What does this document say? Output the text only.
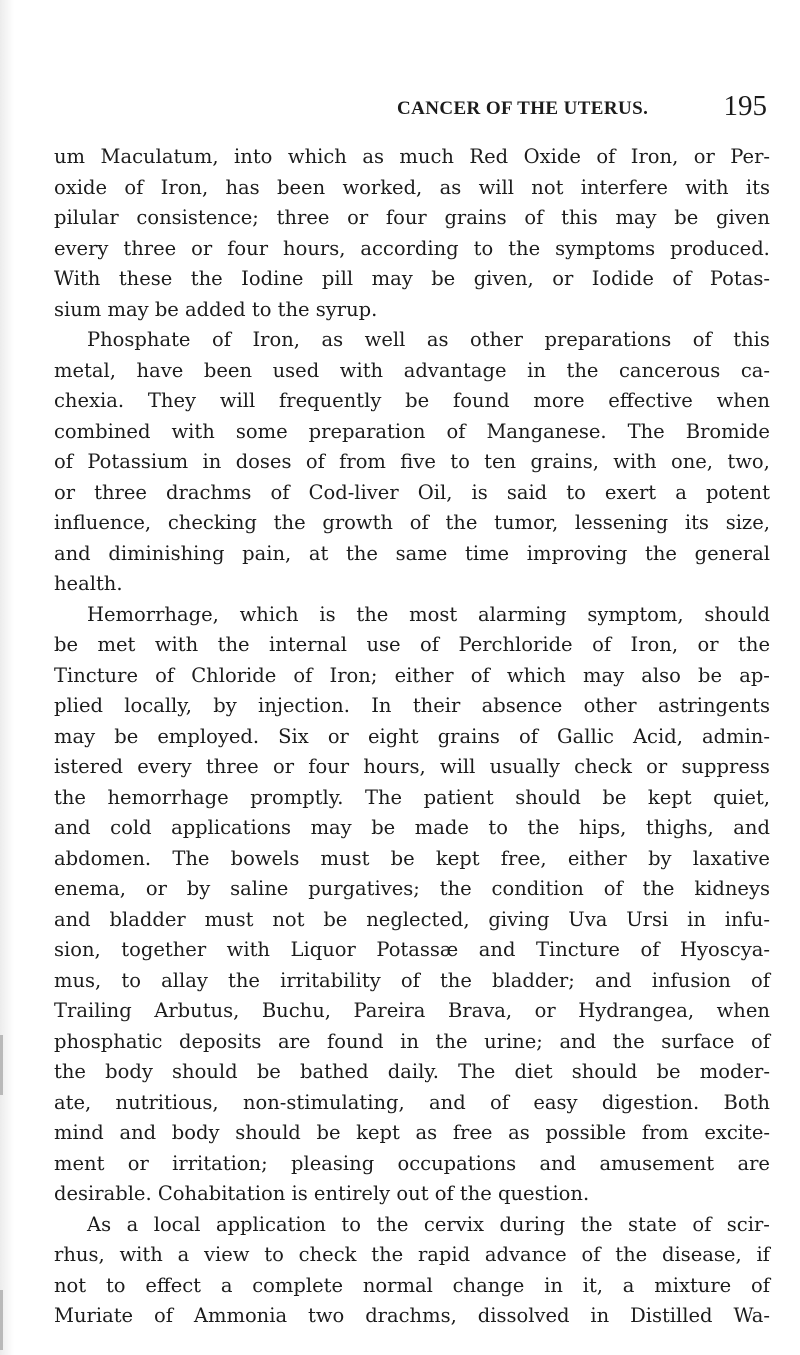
CANCER OF THE UTERUS.	195
um Maculatum, into which as much Red Oxide of Iron, or Per-
oxide of Iron, has been worked, as will not interfere with its
pilular consistence; three or four grains of this may be given
every three or four hours, according to the symptoms produced.
With these the Iodine pill may be given, or Iodide of Potas-
sium may be added to the syrup.
Phosphate of Iron, as well as other preparations of this
metal, have been used with advantage in the cancerous ca-
chexia. They will frequently be found more effective when
combined with some preparation of Manganese. The Bromide
of Potassium in doses of from five to ten grains, with one, two,
or three drachms of Cod-liver Oil, is said to exert a potent
influence, checking the growth of the tumor, lessening its size,
and diminishing pain, at the same time improving the general
health.
Hemorrhage, which is the most alarming symptom, should
be met with the internal use of Perchloride of Iron, or the
Tincture of Chloride of Iron; either of which may also be ap-
plied locally, by injection. In their absence other astringents
may be employed. Six or eight grains of Gallic Acid, admin-
istered every three or four hours, will usually check or suppress
the hemorrhage promptly. The patient should be kept quiet,
and cold applications may be made to the hips, thighs, and
abdomen. The bowels must be kept free, either by laxative
enema, or by saline purgatives; the condition of the kidneys
and bladder must not be neglected, giving Uva Ursi in infu-
sion, together with Liquor Potassæ and Tincture of Hyoscya-
mus, to allay the irritability of the bladder; and infusion of
Trailing Arbutus, Buchu, Pareira Brava, or Hydrangea, when
phosphatic deposits are found in the urine; and the surface of
the body should be bathed daily. The diet should be moder-
ate, nutritious, non-stimulating, and of easy digestion. Both
mind and body should be kept as free as possible from excite-
ment or irritation; pleasing occupations and amusement are
desirable. Cohabitation is entirely out of the question.
As a local application to the cervix during the state of scir-
rhus, with a view to check the rapid advance of the disease, if
not to effect a complete normal change in it, a mixture of
Muriate of Ammonia two drachms, dissolved in Distilled Wa-
